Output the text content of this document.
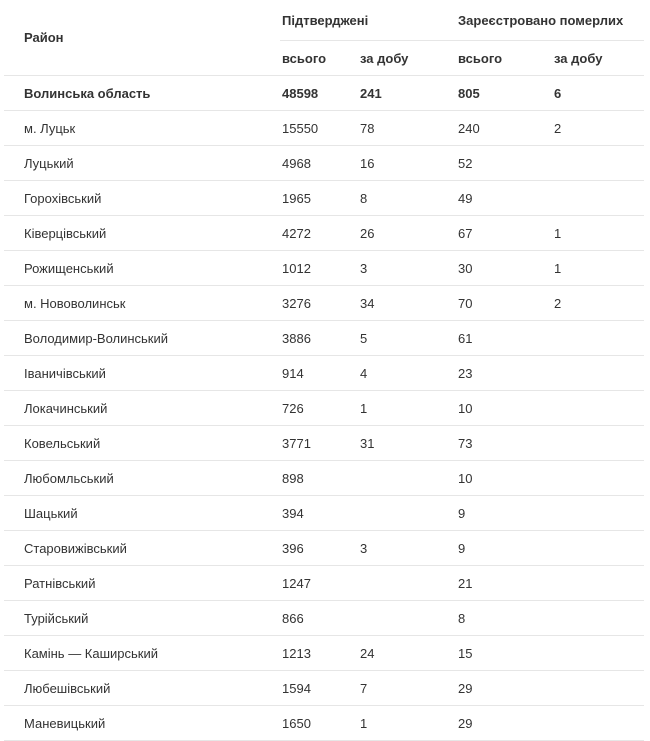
Район	Підтверджені		Зареєстровано померлих	
	всього	за добу	всього	за добу
Волинська область	48598	241	805	6
м. Луцьк	15550	78	240	2
Луцький	4968	16	52	
Горохівський	1965	8	49	
Ківерцівський	4272	26	67	1
Рожищенський	1012	3	30	1
м. Нововолинськ	3276	34	70	2
Володимир-Волинський	3886	5	61	
Іваничівський	914	4	23	
Локачинський	726	1	10	
Ковельський	3771	31	73	
Любомльський	898		10	
Шацький	394		9	
Старовижівський	396	3	9	
Ратнівський	1247		21	
Турійський	866		8	
Камінь — Каширський	1213	24	15	
Любешівський	1594	7	29	
Маневицький	1650	1	29	
